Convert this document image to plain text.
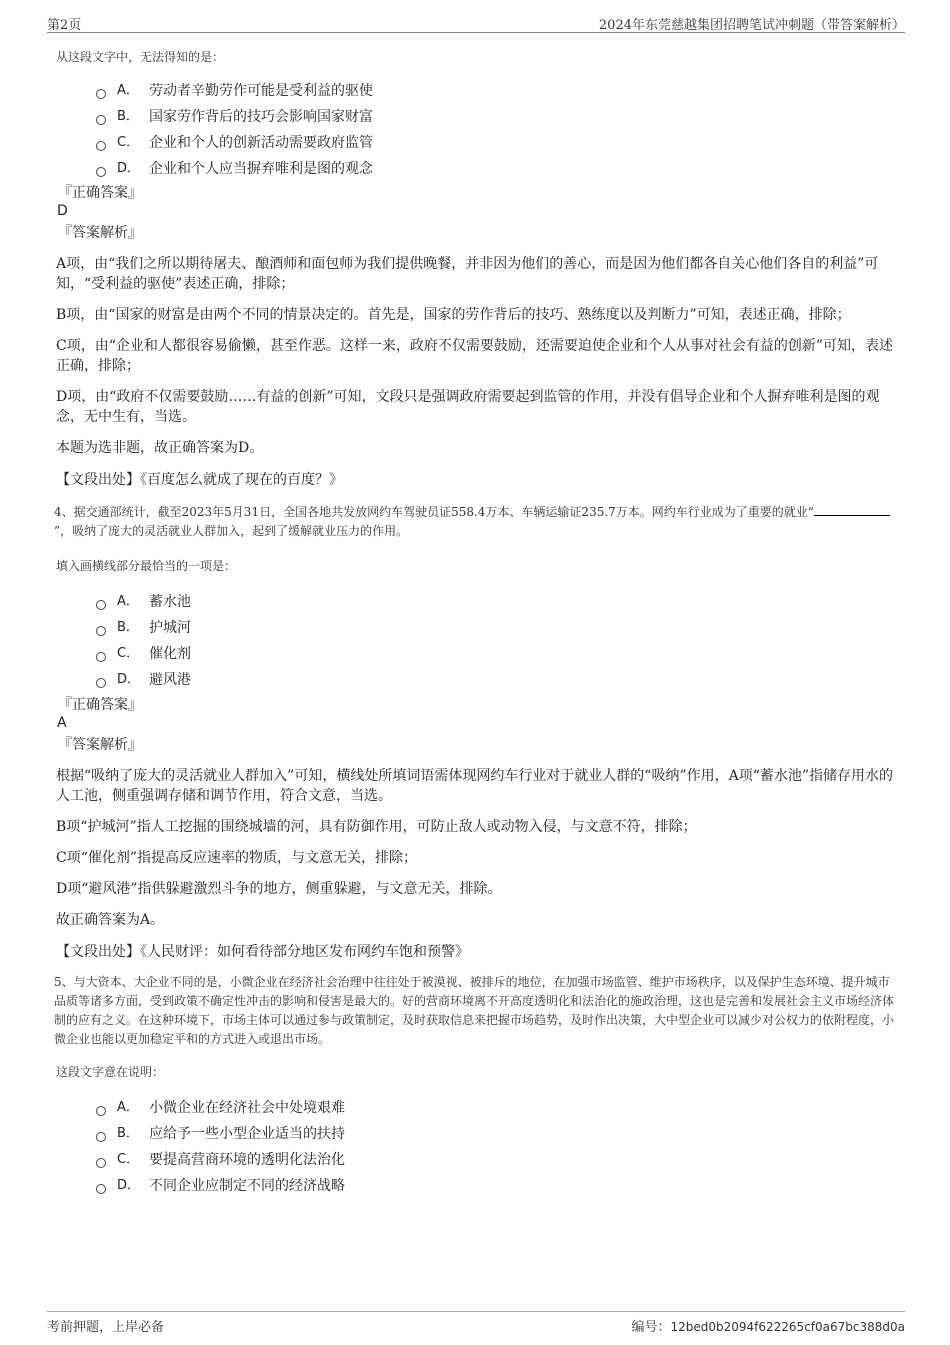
第2页	2024年东莞慈越集团招聘笔试冲刺题（带答案解析）
从这段文字中，无法得知的是：
A． 劳动者辛勤劳作可能是受利益的驱使
B． 国家劳作背后的技巧会影响国家财富
C． 企业和个人的创新活动需要政府监管
D． 企业和个人应当摒弃唯利是图的观念
『正确答案』
D
『答案解析』

A项，由“我们之所以期待屠夫、酿酒师和面包师为我们提供晚餐，并非因为他们的善心，而是因为他们都各自关心他们各自的利益”可知，“受利益的驱使”表述正确，排除；

B项，由“国家的财富是由两个不同的情景决定的。首先是，国家的劳作背后的技巧、熟练度以及判断力”可知，表述正确，排除；

C项，由“企业和人都很容易偷懒，甚至作恶。这样一来，政府不仅需要鼓励，还需要迫使企业和个人从事对社会有益的创新”可知，表述正确，排除；

D项，由“政府不仅需要鼓励……有益的创新”可知，文段只是强调政府需要起到监管的作用，并没有倡导企业和个人摒弃唯利是图的观念，无中生有，当选。

本题为选非题，故正确答案为D。

【文段出处】《百度怎么就成了现在的百度？》

4、据交通部统计，截至2023年5月31日，全国各地共发放网约车驾驶员证558.4万本、车辆运输证235.7万本。网约车行业成为了重要的就业“”，吸纳了庞大的灵活就业人群加入，起到了缓解就业压力的作用。

填入画横线部分最恰当的一项是：
A． 蓄水池
B． 护城河
C． 催化剂
D． 避风港
『正确答案』
A
『答案解析』

根据“吸纳了庞大的灵活就业人群加入”可知，横线处所填词语需体现网约车行业对于就业人群的“吸纳”作用，A项“蓄水池”指储存用水的人工池，侧重强调存储和调节作用，符合文意，当选。

B项“护城河”指人工挖掘的围绕城墙的河，具有防御作用，可防止敌人或动物入侵，与文意不符，排除；

C项“催化剂”指提高反应速率的物质，与文意无关，排除；

D项“避风港”指供躲避激烈斗争的地方，侧重躲避，与文意无关，排除。

故正确答案为A。

【文段出处】《人民财评：如何看待部分地区发布网约车饱和预警》

5、与大资本、大企业不同的是，小微企业在经济社会治理中往往处于被漠视、被排斥的地位，在加强市场监管、维护市场秩序，以及保护生态环境、提升城市品质等诸多方面，受到政策不确定性冲击的影响和侵害是最大的。好的营商环境离不开高度透明化和法治化的施政治理，这也是完善和发展社会主义市场经济体制的应有之义。在这种环境下，市场主体可以通过参与政策制定，及时获取信息来把握市场趋势，及时作出决策，大中型企业可以减少对公权力的依附程度，小微企业也能以更加稳定平和的方式进入或退出市场。

这段文字意在说明：
A． 小微企业在经济社会中处境艰难
B． 应给予一些小型企业适当的扶持
C． 要提高营商环境的透明化法治化
D． 不同企业应制定不同的经济战略
考前押题，上岸必备	编号：12bed0b2094f622265cf0a67bc388d0a
